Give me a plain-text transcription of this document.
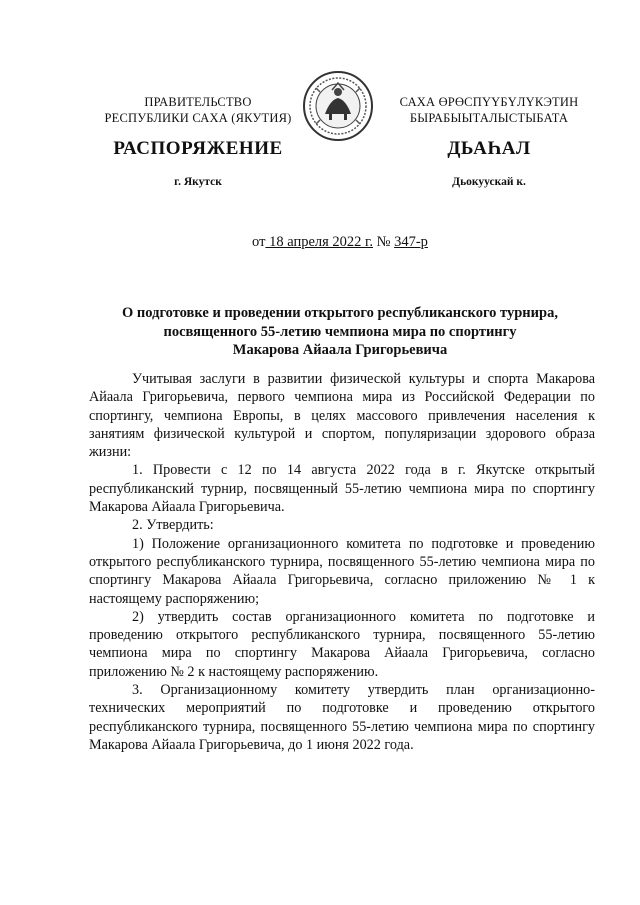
ПРАВИТЕЛЬСТВО
РЕСПУБЛИКИ САХА (ЯКУТИЯ)
РАСПОРЯЖЕНИЕ
г. Якутск
САХА ӨРӨСПҮҮБҮЛҮКЭТИН
БЫРАБЫЫТАЛЫСТЫБАТА
ДЬАҺАЛ
Дьокуускай к.
от 18 апреля 2022 г. № 347-р
О подготовке и проведении открытого республиканского турнира,
посвященного 55-летию чемпиона мира по спортингу
Макарова Айаала Григорьевича

Учитывая заслуги в развитии физической культуры и спорта Макарова Айаала Григорьевича, первого чемпиона мира из Российской Федерации по спортингу, чемпиона Европы, в целях массового привлечения населения к занятиям физической культурой и спортом, популяризации здорового образа жизни:

1. Провести с 12 по 14 августа 2022 года в г. Якутске открытый республиканский турнир, посвященный 55-летию чемпиона мира по спортингу Макарова Айаала Григорьевича.

2. Утвердить:

1) Положение организационного комитета по подготовке и проведению открытого республиканского турнира, посвященного 55-летию чемпиона мира по спортингу Макарова Айаала Григорьевича, согласно приложению № 1 к настоящему распоряжению;

2) утвердить состав организационного комитета по подготовке и проведению открытого республиканского турнира, посвященного 55-летию чемпиона мира по спортингу Макарова Айаала Григорьевича, согласно приложению № 2 к настоящему распоряжению.

3. Организационному комитету утвердить план организационно-технических мероприятий по подготовке и проведению открытого республиканского турнира, посвященного 55-летию чемпиона мира по спортингу Макарова Айаала Григорьевича, до 1 июня 2022 года.
